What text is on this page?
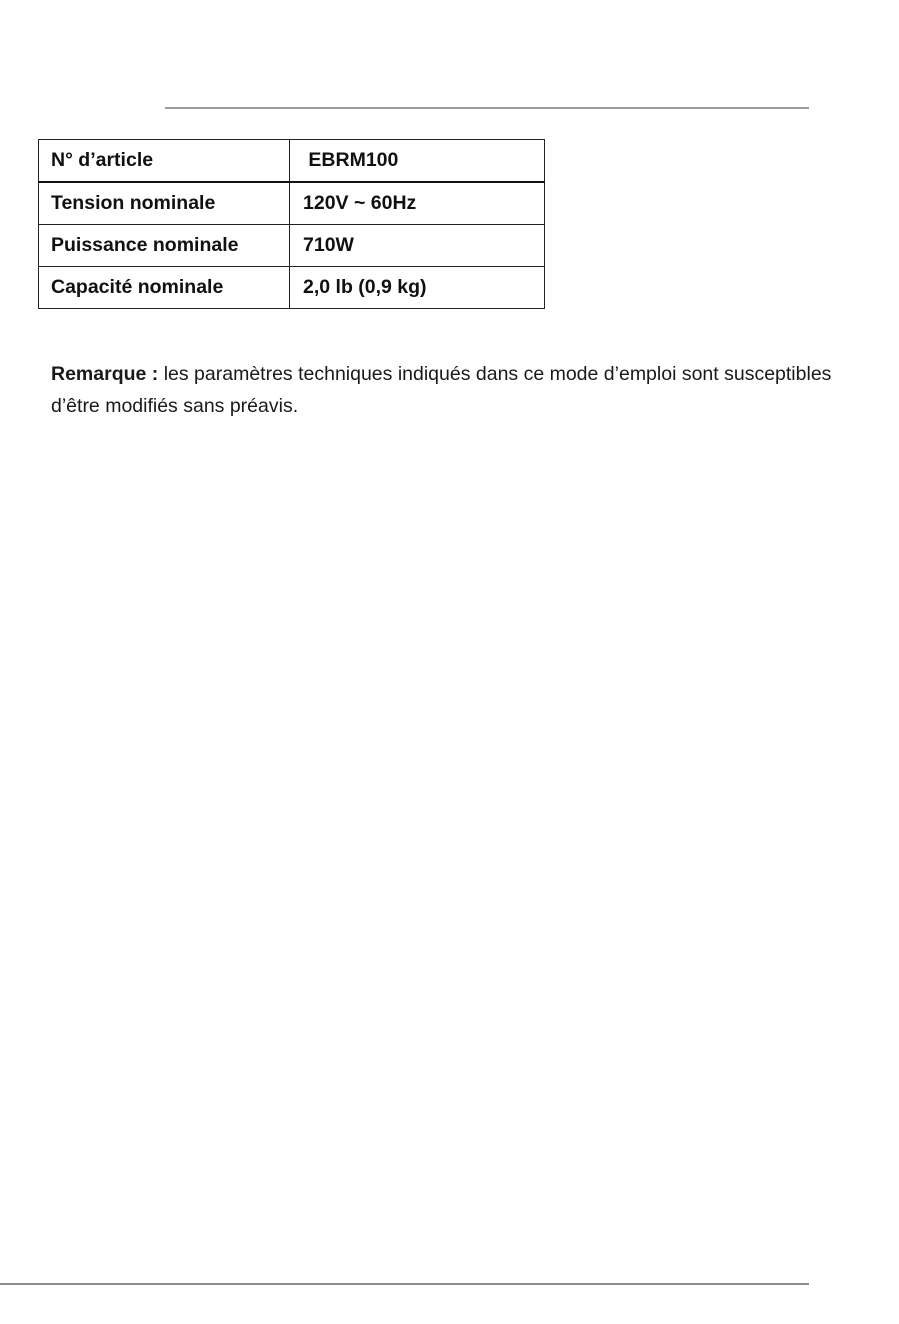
N° d’article	EBRM100
Tension nominale	120V ~ 60Hz
Puissance nominale	710W
Capacité nominale	2,0 lb (0,9 kg)

Remarque : les paramètres techniques indiqués dans ce mode d’emploi sont susceptibles d’être modifiés sans préavis.
